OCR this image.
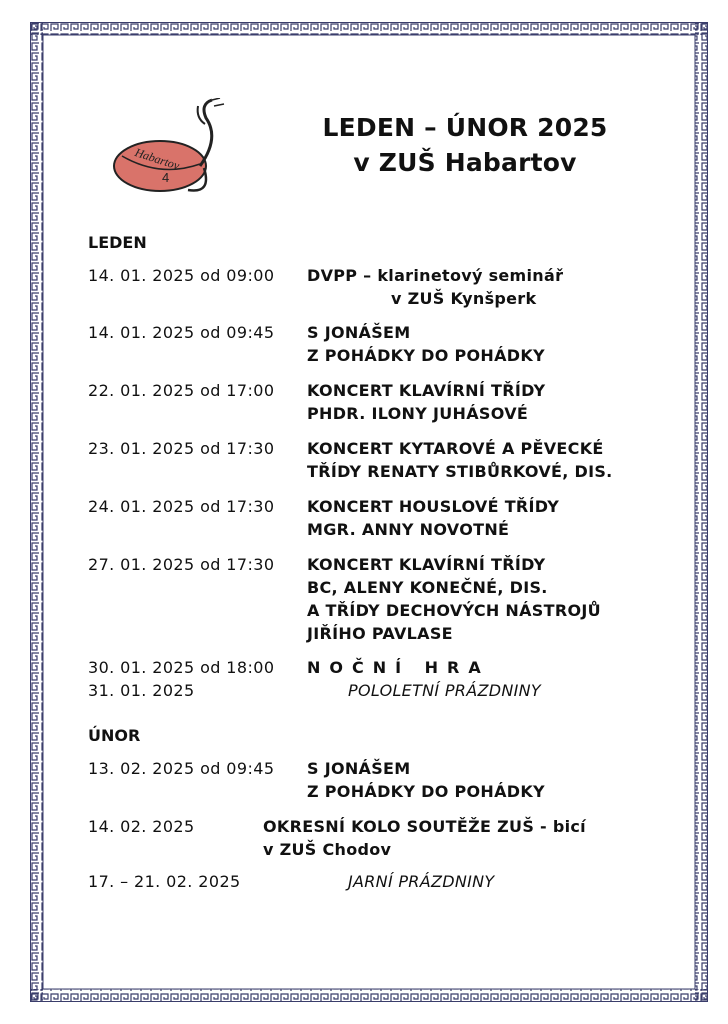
Habartov
4
LEDEN – ÚNOR 2025
v ZUŠ Habartov
LEDEN
14. 01. 2025 od 09:00 DVPP – klarinetový seminář
v ZUŠ Kynšperk
14. 01. 2025 od 09:45 S JONÁŠEM
Z POHÁDKY DO POHÁDKY
22. 01. 2025 od 17:00 KONCERT KLAVÍRNÍ TŘÍDY
PHDR. ILONY JUHÁSOVÉ
23. 01. 2025 od 17:30 KONCERT KYTAROVÉ A PĚVECKÉ
TŘÍDY RENATY STIBŮRKOVÉ, DIS.
24. 01. 2025 od 17:30 KONCERT HOUSLOVÉ TŘÍDY
MGR. ANNY NOVOTNÉ
27. 01. 2025 od 17:30 KONCERT KLAVÍRNÍ TŘÍDY
BC, ALENY KONEČNÉ, DIS.
A TŘÍDY DECHOVÝCH NÁSTROJŮ
JIŘÍHO PAVLASE
30. 01. 2025 od 18:00 NOČNÍ HRA
31. 01. 2025	POLOLETNÍ PRÁZDNINY
ÚNOR
13. 02. 2025 od 09:45 S JONÁŠEM
Z POHÁDKY DO POHÁDKY
14. 02. 2025	OKRESNÍ KOLO SOUTĚŽE ZUŠ - bicí
v ZUŠ Chodov
17. – 21. 02. 2025	JARNÍ PRÁZDNINY
